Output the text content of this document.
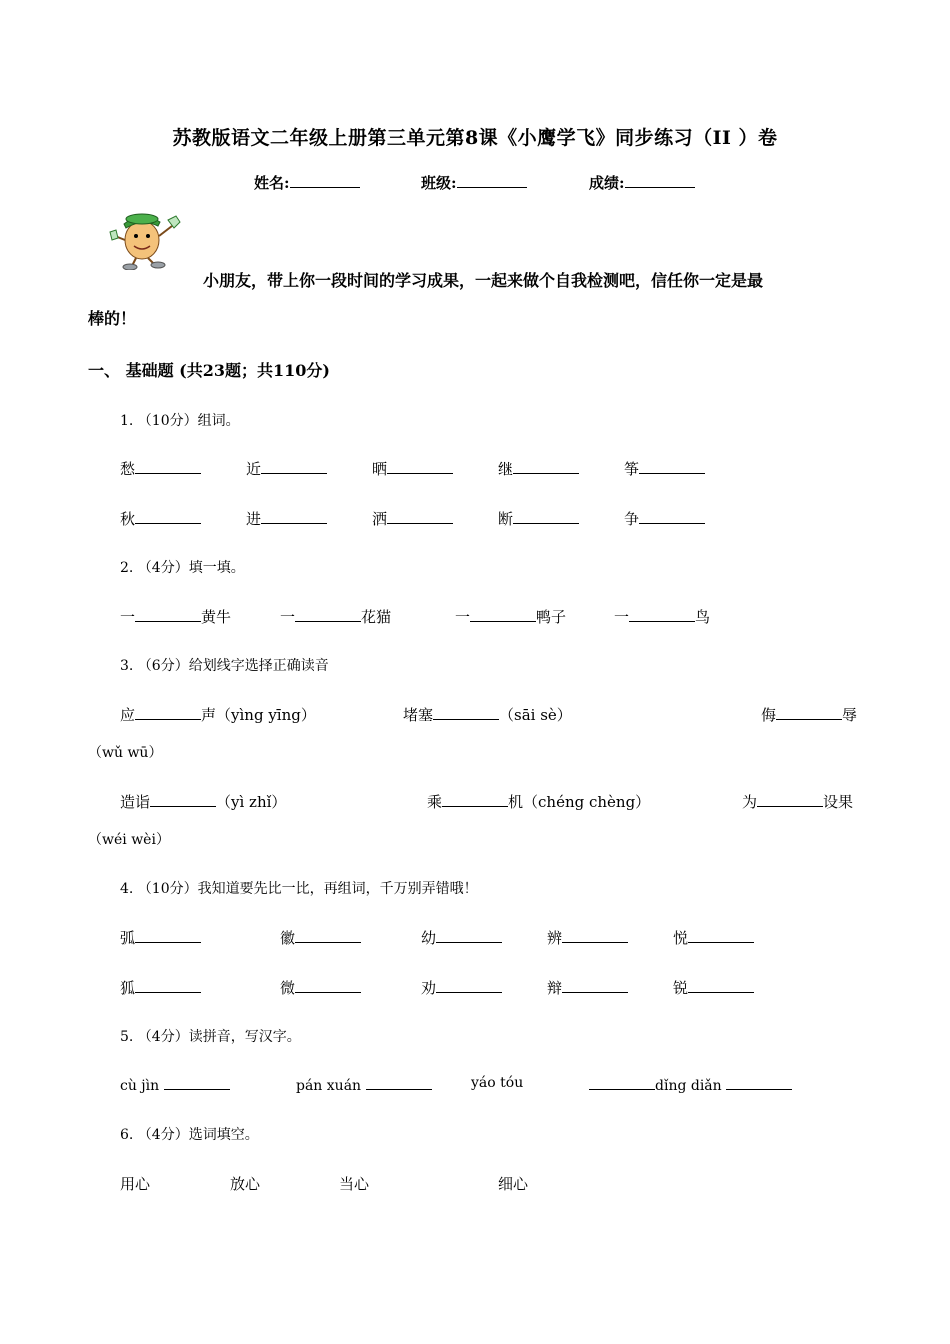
苏教版语文二年级上册第三单元第8课《小鹰学飞》同步练习（II ）卷
姓名:	班级:	成绩:
小朋友，带上你一段时间的学习成果，一起来做个自我检测吧，信任你一定是最
棒的！
一、 基础题 (共23题；共110分)
1. （10分）组词。
愁	近	晒	继	筝
秋	进	洒	断	争
2. （4分）填一填。
一	黄牛	一	花猫	一	鸭子	一	鸟
3. （6分）给划线字选择正确读音
应	声（yìng yīng）	堵塞	（sāi sè）	侮	辱
（wǔ wū）
造诣	（yì zhǐ）	乘	机（chéng chèng）	为	设果
（wéi wèi）
4. （10分）我知道要先比一比，再组词，千万别弄错哦！
弧	徽	幼	辨	悦
狐	微	劝	辩	锐
5. （4分）读拼音，写汉字。
cù jìn	pán xuán	yáo tóu	dǐng diǎn
6. （4分）选词填空。
用心	放心	当心	细心
